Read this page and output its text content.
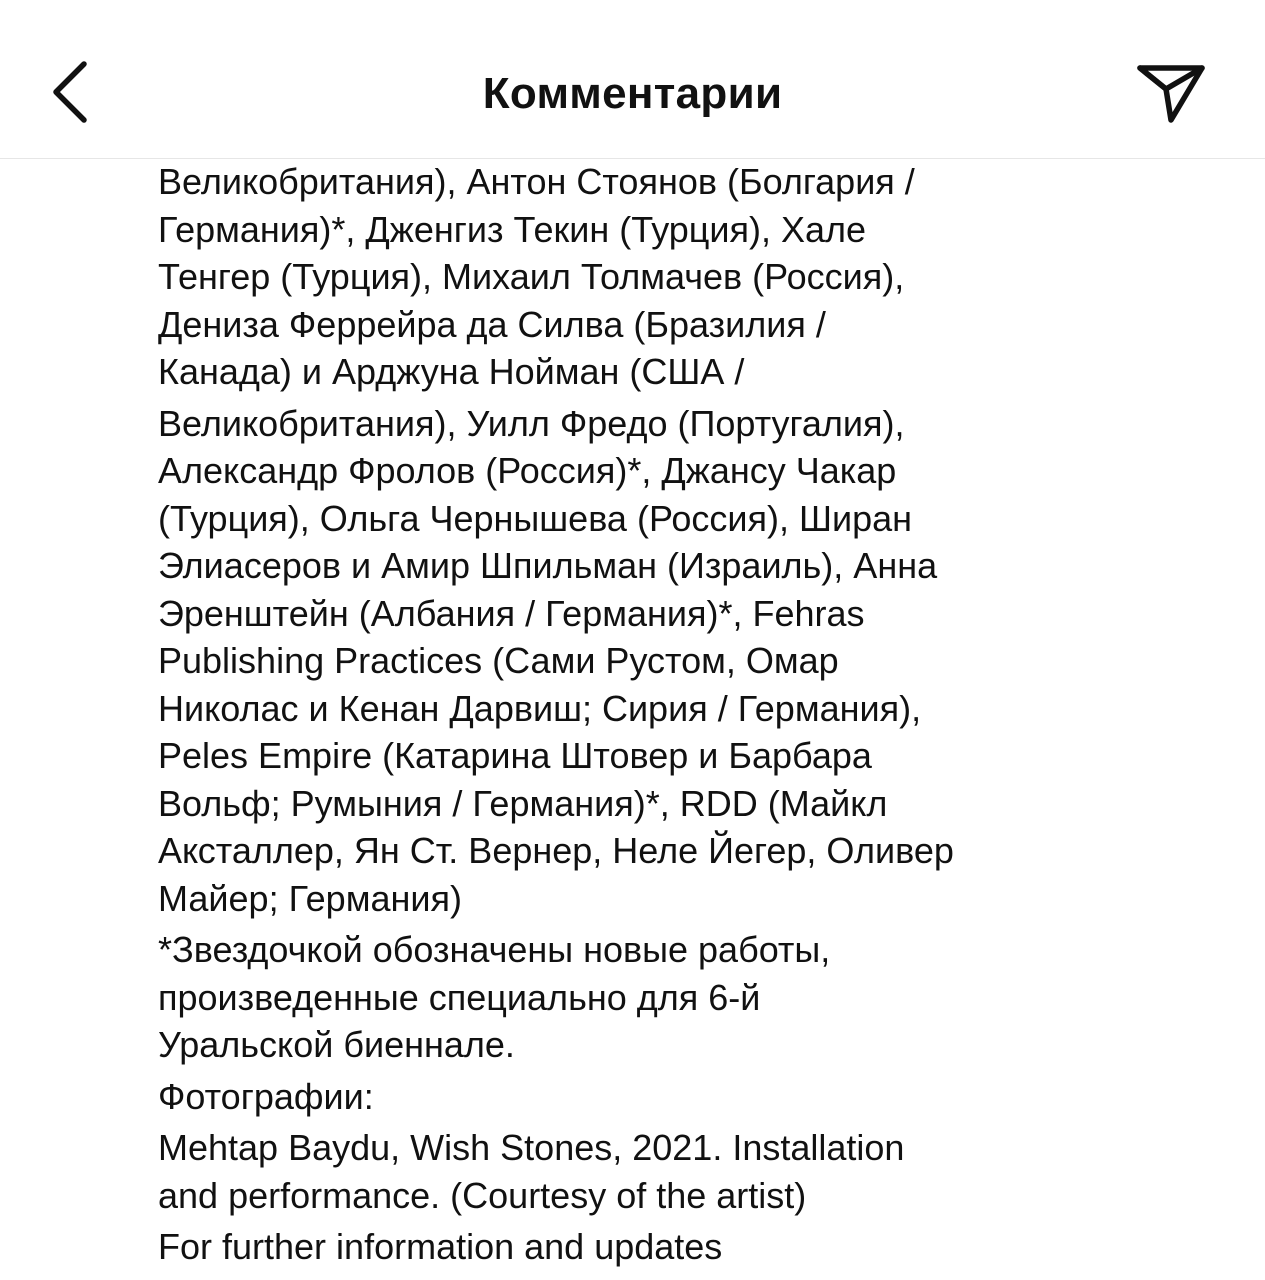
Комментарии
Великобритания), Антон Стоянов (Болгария /
Германия)*, Дженгиз Текин (Турция), Хале
Тенгер (Турция), Михаил Толмачев (Россия),
Дениза Феррейра да Силва (Бразилия /
Канада) и Арджуна Нойман (США /
Великобритания), Уилл Фредо (Португалия),
Александр Фролов (Россия)*, Джансу Чакар
(Турция), Ольга Чернышева (Россия), Ширан
Элиасеров и Амир Шпильман (Израиль), Анна
Эренштейн (Албания / Германия)*, Fehras
Publishing Practices (Сами Рустом, Омар
Николас и Кенан Дарвиш; Сирия / Германия),
Peles Empire (Катарина Штовер и Барбара
Вольф; Румыния / Германия)*, RDD (Майкл
Акcталлер, Ян Ст. Вернер, Неле Йегер, Оливер
Майер; Германия)
*Звездочкой обозначены новые работы,
произведенные специально для 6-й
Уральской биеннале.
Фотографии:
Mehtap Baydu, Wish Stones, 2021. Installation
and performance. (Courtesy of the artist)
For further information and updates
